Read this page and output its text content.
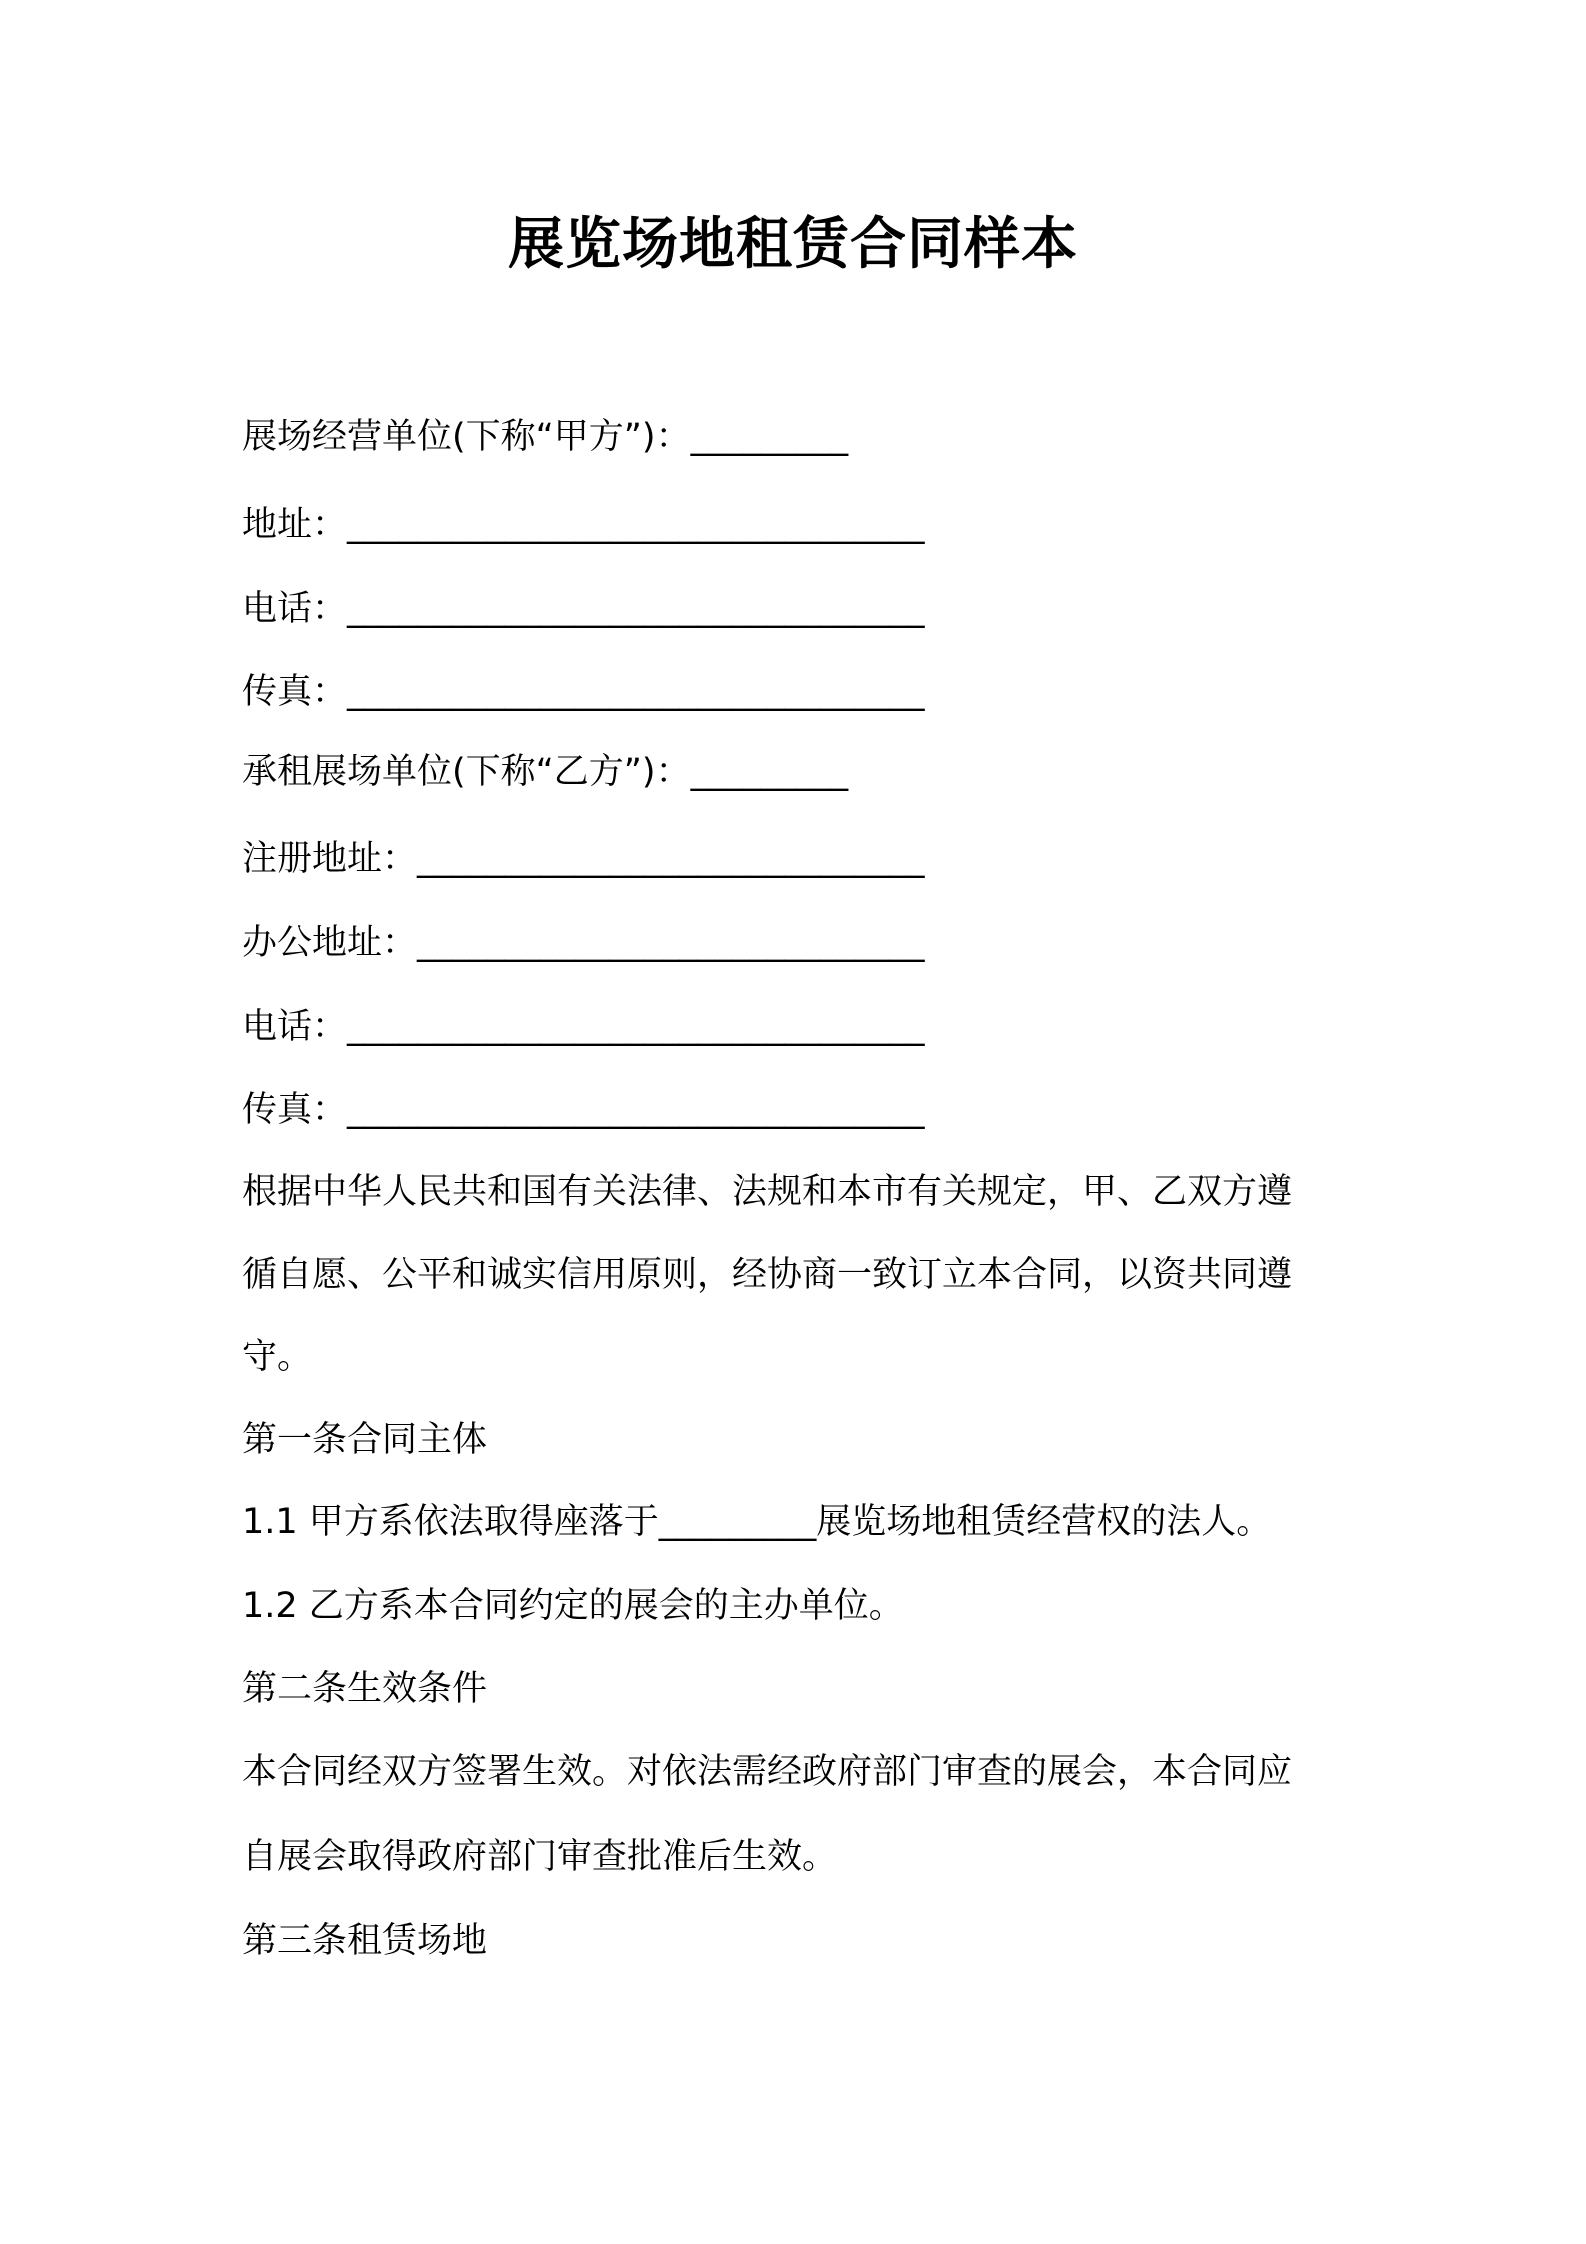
展览场地租赁合同样本
展场经营单位(下称“甲方”)：_________
地址：_________________________________
电话：_________________________________
传真：_________________________________
承租展场单位(下称“乙方”)：_________
注册地址：_____________________________
办公地址：_____________________________
电话：_________________________________
传真：_________________________________
根据中华人民共和国有关法律、法规和本市有关规定，甲、乙双方遵
循自愿、公平和诚实信用原则，经协商一致订立本合同，以资共同遵
守。
第一条合同主体
1.1 甲方系依法取得座落于_________展览场地租赁经营权的法人。
1.2 乙方系本合同约定的展会的主办单位。
第二条生效条件
本合同经双方签署生效。对依法需经政府部门审查的展会，本合同应
自展会取得政府部门审查批准后生效。
第三条租赁场地
